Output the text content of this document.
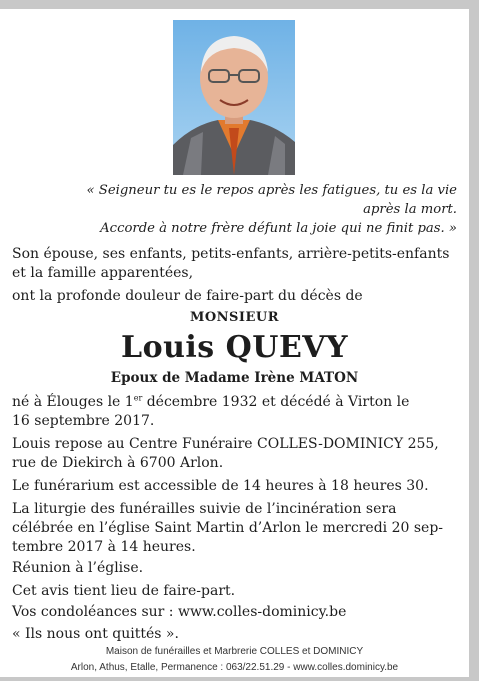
« Seigneur tu es le repos après les fatigues, tu es la vie
après la mort.
Accorde à notre frère défunt la joie qui ne finit pas. »
Son épouse, ses enfants, petits-enfants, arrière-petits-enfants
et la famille apparentées,
ont la profonde douleur de faire-part du décès de
MONSIEUR
Louis QUEVY
Epoux de Madame Irène MATON
né à Élouges le 1er décembre 1932 et décédé à Virton le
16 septembre 2017.
Louis repose au Centre Funéraire COLLES-DOMINICY 255,
rue de Diekirch à 6700 Arlon.
Le funérarium est accessible de 14 heures à 18 heures 30.
La liturgie des funérailles suivie de l’incinération sera
célébrée en l’église Saint Martin d’Arlon le mercredi 20 sep-
tembre 2017 à 14 heures.
Réunion à l’église.
Cet avis tient lieu de faire-part.
Vos condoléances sur : www.colles-dominicy.be
« Ils nous ont quittés ».
Maison de funérailles et Marbrerie COLLES et DOMINICY
Arlon, Athus, Etalle, Permanence : 063/22.51.29 - www.colles.dominicy.be
